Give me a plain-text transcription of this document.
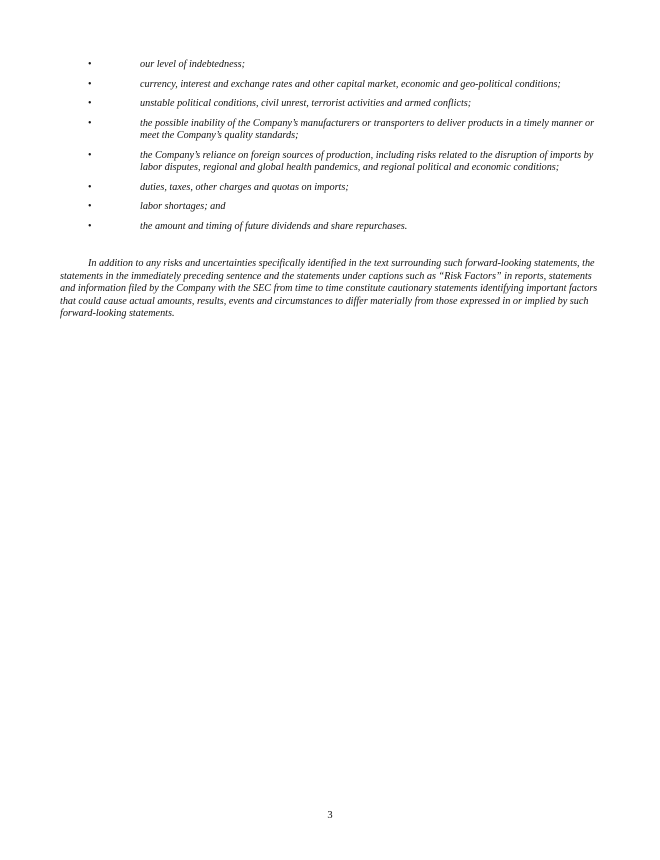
•	our level of indebtedness;
•	currency, interest and exchange rates and other capital market, economic and geo-political conditions;
•	unstable political conditions, civil unrest, terrorist activities and armed conflicts;
•	the possible inability of the Company’s manufacturers or transporters to deliver products in a timely manner or meet the Company’s quality standards;
•	the Company’s reliance on foreign sources of production, including risks related to the disruption of imports by labor disputes, regional and global health pandemics, and regional political and economic conditions;
•	duties, taxes, other charges and quotas on imports;
•	labor shortages; and
•	the amount and timing of future dividends and share repurchases.

In addition to any risks and uncertainties specifically identified in the text surrounding such forward-looking statements, the statements in the immediately preceding sentence and the statements under captions such as “Risk Factors” in reports, statements and information filed by the Company with the SEC from time to time constitute cautionary statements identifying important factors that could cause actual amounts, results, events and circumstances to differ materially from those expressed in or implied by such forward-looking statements.

3
